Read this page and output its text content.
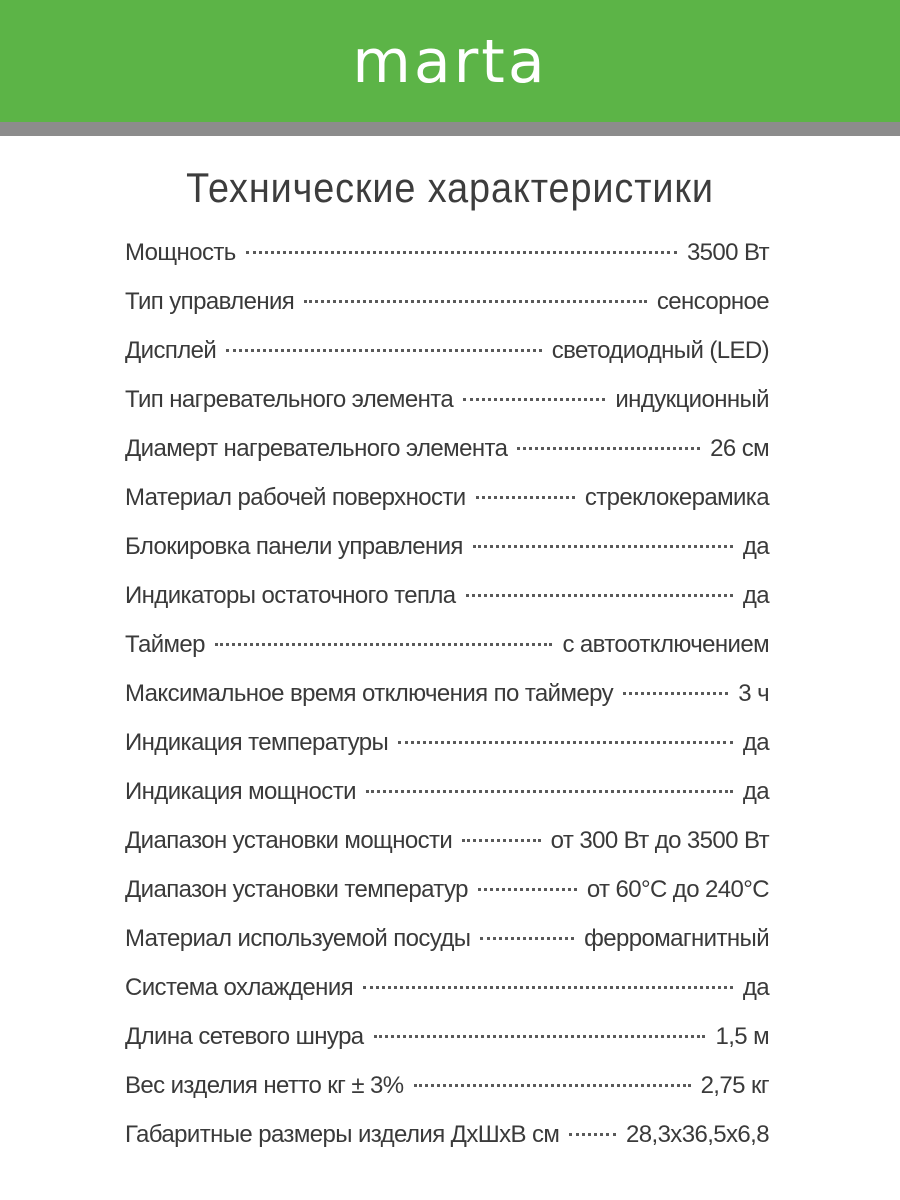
marta
Технические характеристики
Мощность	3500 Вт
Тип управления	сенсорное
Дисплей	светодиодный (LED)
Тип нагревательного элемента	индукционный
Диамерт нагревательного элемента	26 см
Материал рабочей поверхности	стреклокерамика
Блокировка панели управления	да
Индикаторы остаточного тепла	да
Таймер	с автоотключением
Максимальное время отключения по таймеру	3 ч
Индикация температуры	да
Индикация мощности	да
Диапазон установки мощности	от 300 Вт до 3500 Вт
Диапазон установки температур	от 60°С до 240°С
Материал используемой посуды	ферромагнитный
Система охлаждения	да
Длина сетевого шнура	1,5 м
Вес изделия нетто кг ± 3%	2,75 кг
Габаритные размеры изделия ДхШхВ см	28,3х36,5х6,8
